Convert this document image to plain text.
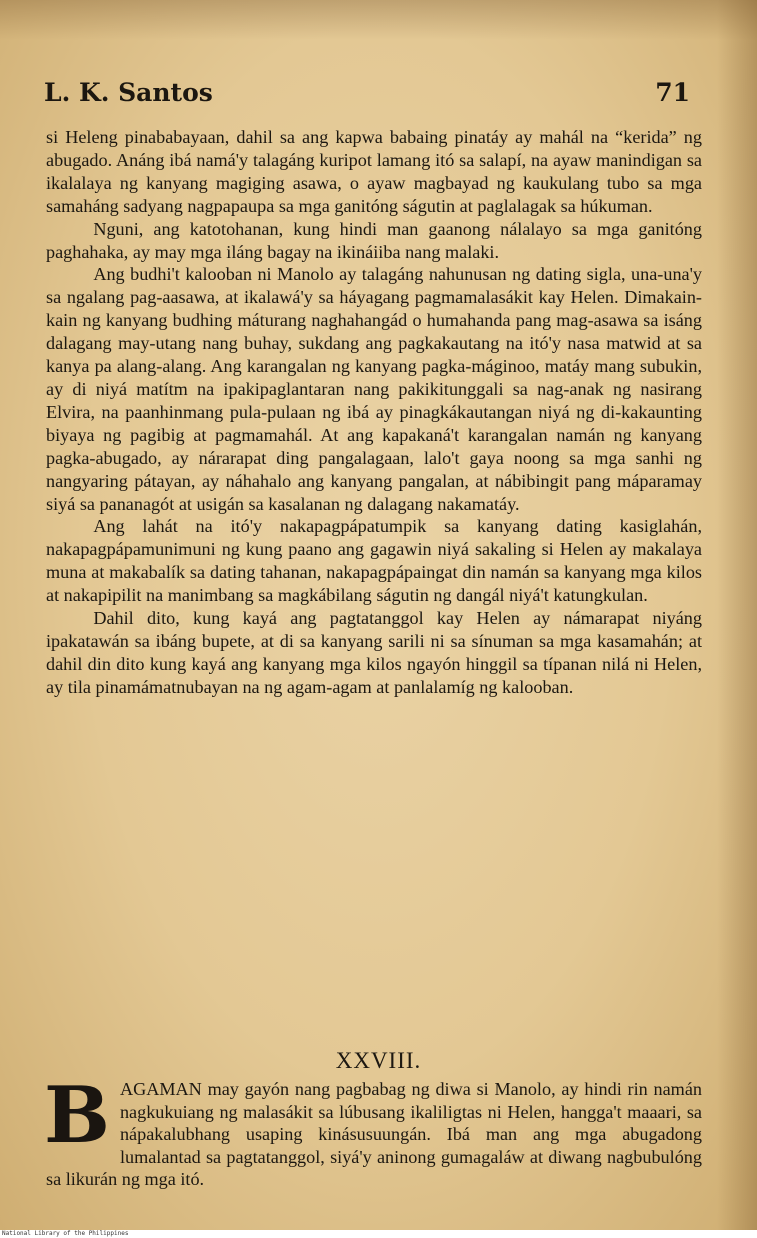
L. K. Santos	71

si Heleng pinababayaan, dahil sa ang kapwa babaing pinatáy ay mahál na “kerida” ng abugado. Anáng ibá namá'y talagáng kuripot lamang itó sa salapí, na ayaw manindigan sa ikalalaya ng kanyang magiging asawa, o ayaw magbayad ng kaukulang tubo sa mga samaháng sadyang nagpapaupa sa mga ganitóng ságutin at paglalagak sa húkuman.

Nguni, ang katotohanan, kung hindi man gaanong nálalayo sa mga ganitóng paghahaka, ay may mga iláng bagay na ikináiiba nang malaki.

Ang budhi't kalooban ni Manolo ay talagáng nahunusan ng dating sigla, una-una'y sa ngalang pag-aasawa, at ikalawá'y sa háyagang pagmamalasákit kay Helen. Dimakain-kain ng kanyang budhing máturang naghahangád o humahanda pang mag-asawa sa isáng dalagang may-utang nang buhay, sukdang ang pagkakautang na itó'y nasa matwid at sa kanya pa alang-alang. Ang karangalan ng kanyang pagka-máginoo, matáy mang subukin, ay di niyá matítm na ipakipaglantaran nang pakikitunggali sa nag-anak ng nasirang Elvira, na paanhinmang pula-pulaan ng ibá ay pinagkákautangan niyá ng di-kakaunting biyaya ng pagibig at pagmamahál. At ang kapakaná't karangalan namán ng kanyang pagka-abugado, ay nárarapat ding pangalagaan, lalo't gaya noong sa mga sanhi ng nangyaring pátayan, ay náhahalo ang kanyang pangalan, at nábibingit pang máparamay siyá sa pananagót at usigán sa kasalanan ng dalagang nakamatáy.

Ang lahát na itó'y nakapagpápatumpik sa kanyang dating kasiglahán, nakapagpápamunimuni ng kung paano ang gagawin niyá sakaling si Helen ay makalaya muna at makabalík sa dating tahanan, nakapagpápaingat din namán sa kanyang mga kilos at nakapipilit na manimbang sa magkábilang ságutin ng dangál niyá't katungkulan.

Dahil dito, kung kayá ang pagtatanggol kay Helen ay námarapat niyáng ipakatawán sa ibáng bupete, at di sa kanyang sarili ni sa sínuman sa mga kasamahán; at dahil din dito kung kayá ang kanyang mga kilos ngayón hinggil sa típanan nilá ni Helen, ay tila pinamámatnubayan na ng agam-agam at panlalamíg ng kalooban.

XXVIII.
B AGAMAN may gayón nang pagbabag ng diwa si Manolo, ay hindi rin namán nagkukuiang ng malasákit sa lúbusang ikaliligtas ni Helen, hangga't maaari, sa nápakalubhang usaping kinásusuungán. Ibá man ang mga abugadong lumalantad sa pagtatanggol, siyá'y aninong gumagaláw at diwang nagbubulóng sa likurán ng mga itó.
National Library of the Philippines
